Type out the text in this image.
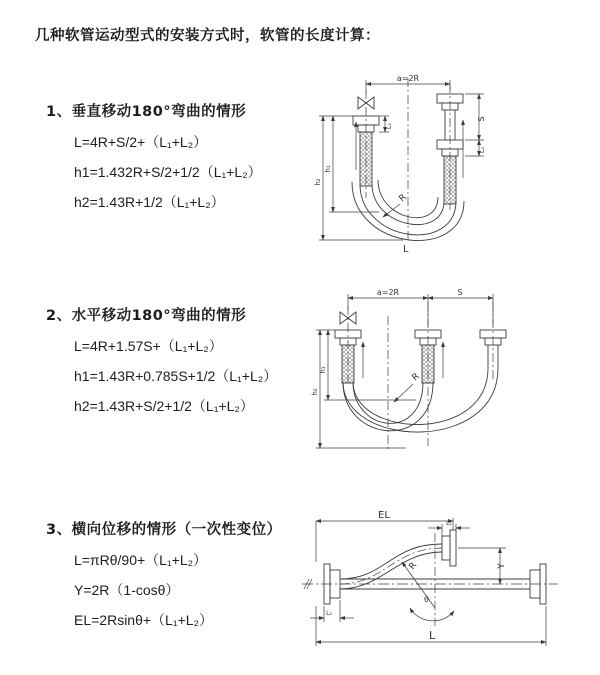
几种软管运动型式的安装方式时，软管的长度计算：
1、垂直移动180°弯曲的情形
L=4R+S/2+（L₁+L₂）
h1=1.432R+S/2+1/2（L₁+L₂）
h2=1.43R+1/2（L₁+L₂）
a=2R
L₁
S
L₂
h₂
h₁
R
L
2、水平移动180°弯曲的情形
L=4R+1.57S+（L₁+L₂）
h1=1.43R+0.785S+1/2（L₁+L₂）
h2=1.43R+S/2+1/2（L₁+L₂）
a=2R	S
h₂
h₁
R
3、横向位移的情形（一次性变位）
L=πRθ/90+（L₁+L₂）
Y=2R（1-cosθ）
EL=2Rsinθ+（L₁+L₂）
EL
L₁
Y
R
θ
L
L₂
